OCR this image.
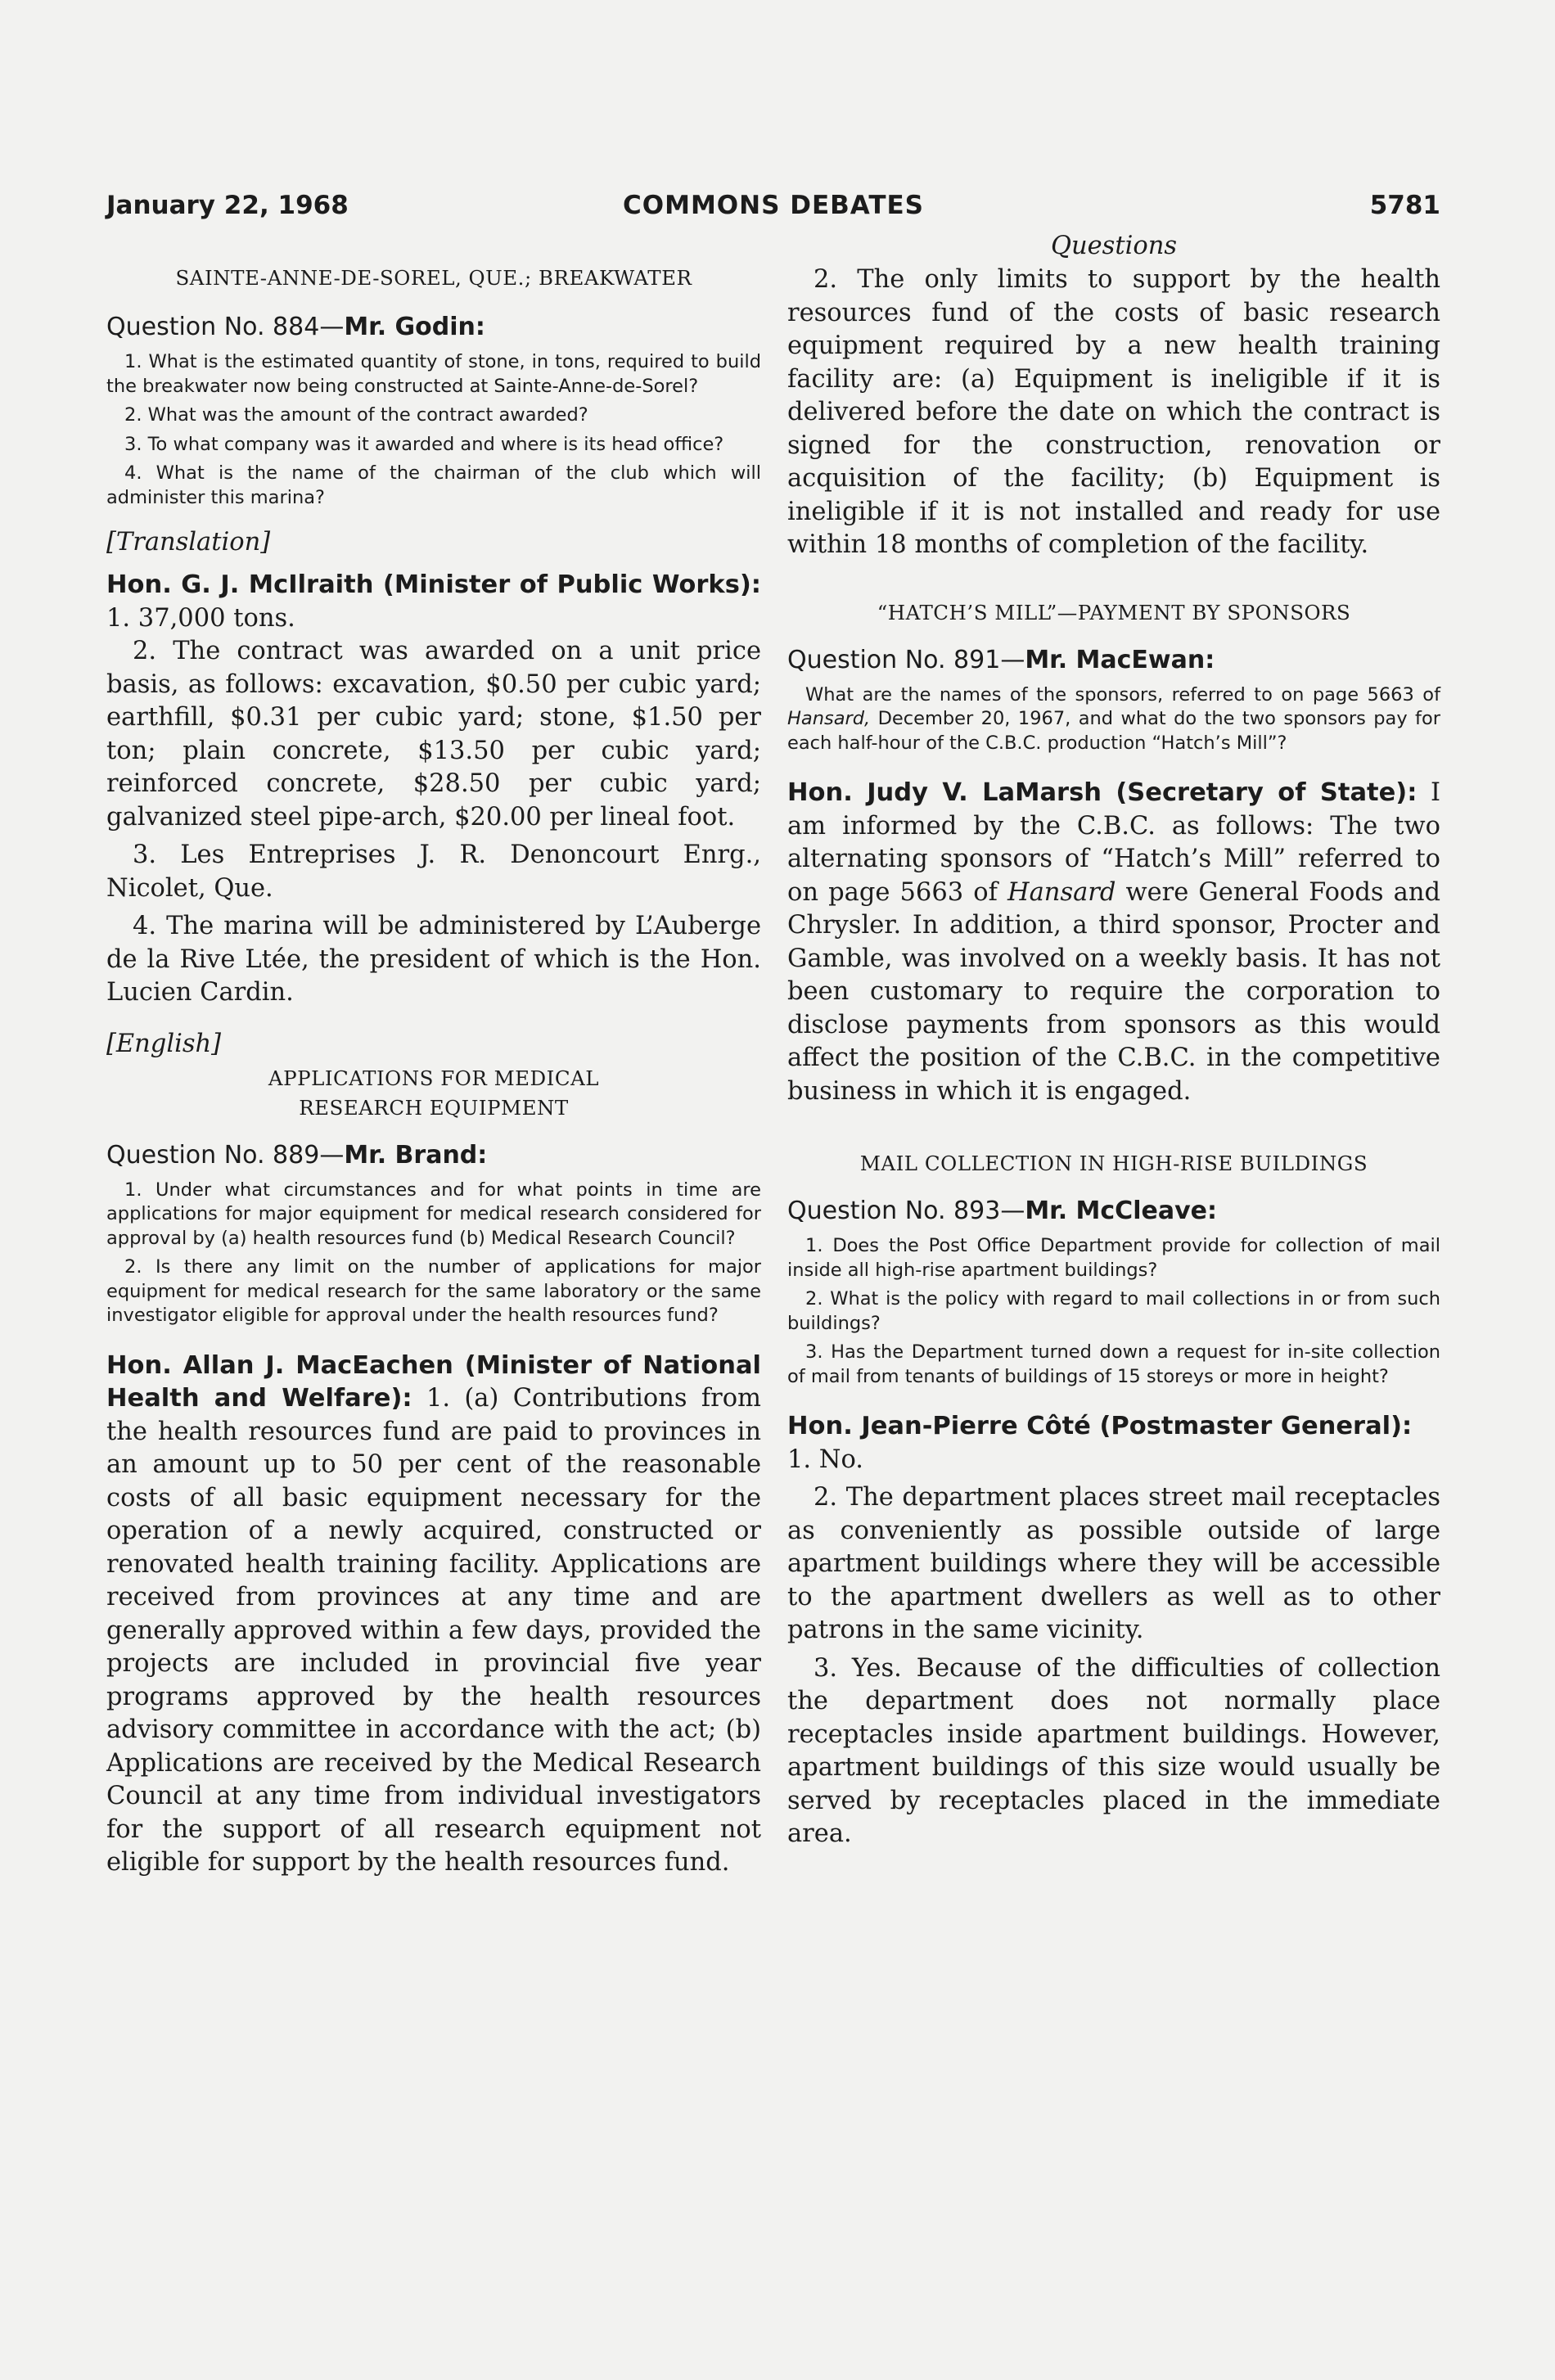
COMMONS DEBATES
January 22, 1968	5781

SAINTE-ANNE-DE-SOREL, QUE.; BREAKWATER

Question No. 884—Mr. Godin:

1. What is the estimated quantity of stone, in tons, required to build the breakwater now being constructed at Sainte-Anne-de-Sorel?

2. What was the amount of the contract awarded?

3. To what company was it awarded and where is its head office?

4. What is the name of the chairman of the club which will administer this marina?

[Translation]

Hon. G. J. McIlraith (Minister of Public Works): 1. 37,000 tons.

2. The contract was awarded on a unit price basis, as follows: excavation, $0.50 per cubic yard; earthfill, $0.31 per cubic yard; stone, $1.50 per ton; plain concrete, $13.50 per cubic yard; reinforced concrete, $28.50 per cubic yard; galvanized steel pipe-arch, $20.00 per lineal foot.

3. Les Entreprises J. R. Denoncourt Enrg., Nicolet, Que.

4. The marina will be administered by L’Auberge de la Rive Ltée, the president of which is the Hon. Lucien Cardin.

[English]

APPLICATIONS FOR MEDICAL

RESEARCH EQUIPMENT

Question No. 889—Mr. Brand:

1. Under what circumstances and for what points in time are applications for major equipment for medical research considered for approval by (a) health resources fund (b) Medical Research Council?

2. Is there any limit on the number of applications for major equipment for medical research for the same laboratory or the same investigator eligible for approval under the health resources fund?

Hon. Allan J. MacEachen (Minister of National Health and Welfare): 1. (a) Contributions from the health resources fund are paid to provinces in an amount up to 50 per cent of the reasonable costs of all basic equipment necessary for the operation of a newly acquired, constructed or renovated health training facility. Applications are received from provinces at any time and are generally approved within a few days, provided the projects are included in provincial five year programs approved by the health resources advisory committee in accordance with the act; (b) Applications are received by the Medical Research Council at any time from individual investigators for the support of all research equipment not eligible for support by the health resources fund.

Questions

2. The only limits to support by the health resources fund of the costs of basic research equipment required by a new health training facility are: (a) Equipment is ineligible if it is delivered before the date on which the contract is signed for the construction, renovation or acquisition of the facility; (b) Equipment is ineligible if it is not installed and ready for use within 18 months of completion of the facility.

“HATCH’S MILL”—PAYMENT BY SPONSORS

Question No. 891—Mr. MacEwan:

What are the names of the sponsors, referred to on page 5663 of Hansard, December 20, 1967, and what do the two sponsors pay for each half-hour of the C.B.C. production “Hatch’s Mill”?

Hon. Judy V. LaMarsh (Secretary of State): I am informed by the C.B.C. as follows: The two alternating sponsors of “Hatch’s Mill” referred to on page 5663 of Hansard were General Foods and Chrysler. In addition, a third sponsor, Procter and Gamble, was involved on a weekly basis. It has not been customary to require the corporation to disclose payments from sponsors as this would affect the position of the C.B.C. in the competitive business in which it is engaged.

MAIL COLLECTION IN HIGH-RISE BUILDINGS

Question No. 893—Mr. McCleave:

1. Does the Post Office Department provide for collection of mail inside all high-rise apartment buildings?

2. What is the policy with regard to mail collections in or from such buildings?

3. Has the Department turned down a request for in-site collection of mail from tenants of buildings of 15 storeys or more in height?

Hon. Jean-Pierre Côté (Postmaster General):

1. No.

2. The department places street mail receptacles as conveniently as possible outside of large apartment buildings where they will be accessible to the apartment dwellers as well as to other patrons in the same vicinity.

3. Yes. Because of the difficulties of collection the department does not normally place receptacles inside apartment buildings. However, apartment buildings of this size would usually be served by receptacles placed in the immediate area.
